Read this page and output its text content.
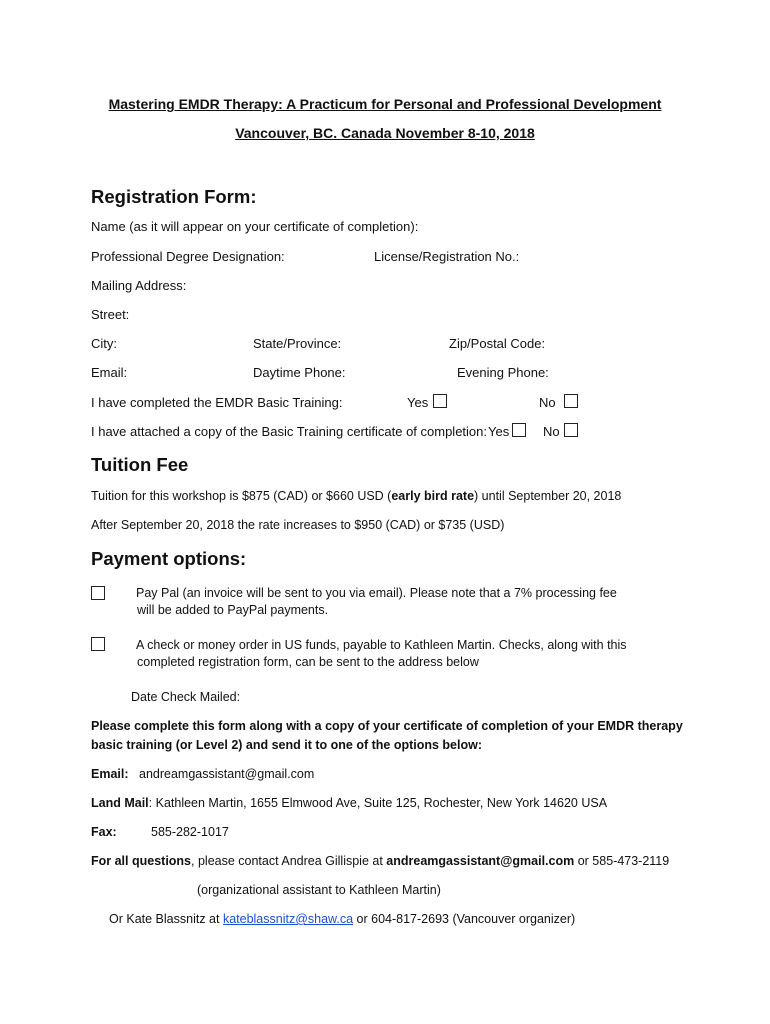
Mastering EMDR Therapy: A Practicum for Personal and Professional Development
Vancouver, BC. Canada November 8-10, 2018
Registration Form:
Name (as it will appear on your certificate of completion):
Professional Degree Designation:	License/Registration No.:
Mailing Address:
Street:
City:	State/Province:	Zip/Postal Code:
Email:	Daytime Phone:	Evening Phone:
I have completed the EMDR Basic Training:	Yes	No
I have attached a copy of the Basic Training certificate of completion: Yes	No
Tuition Fee
Tuition for this workshop is $875 (CAD) or $660 USD (early bird rate) until September 20, 2018
After September 20, 2018 the rate increases to $950 (CAD) or $735 (USD)
Payment options:
Pay Pal (an invoice will be sent to you via email). Please note that a 7% processing fee
will be added to PayPal payments.
A check or money order in US funds, payable to Kathleen Martin. Checks, along with this
completed registration form, can be sent to the address below
Date Check Mailed:
Please complete this form along with a copy of your certificate of completion of your EMDR therapy
basic training (or Level 2) and send it to one of the options below:
Email: andreamgassistant@gmail.com
Land Mail: Kathleen Martin, 1655 Elmwood Ave, Suite 125, Rochester, New York 14620 USA
Fax:	585-282-1017
For all questions, please contact Andrea Gillispie at andreamgassistant@gmail.com or 585-473-2119
(organizational assistant to Kathleen Martin)
Or Kate Blassnitz at kateblassnitz@shaw.ca or 604-817-2693 (Vancouver organizer)
